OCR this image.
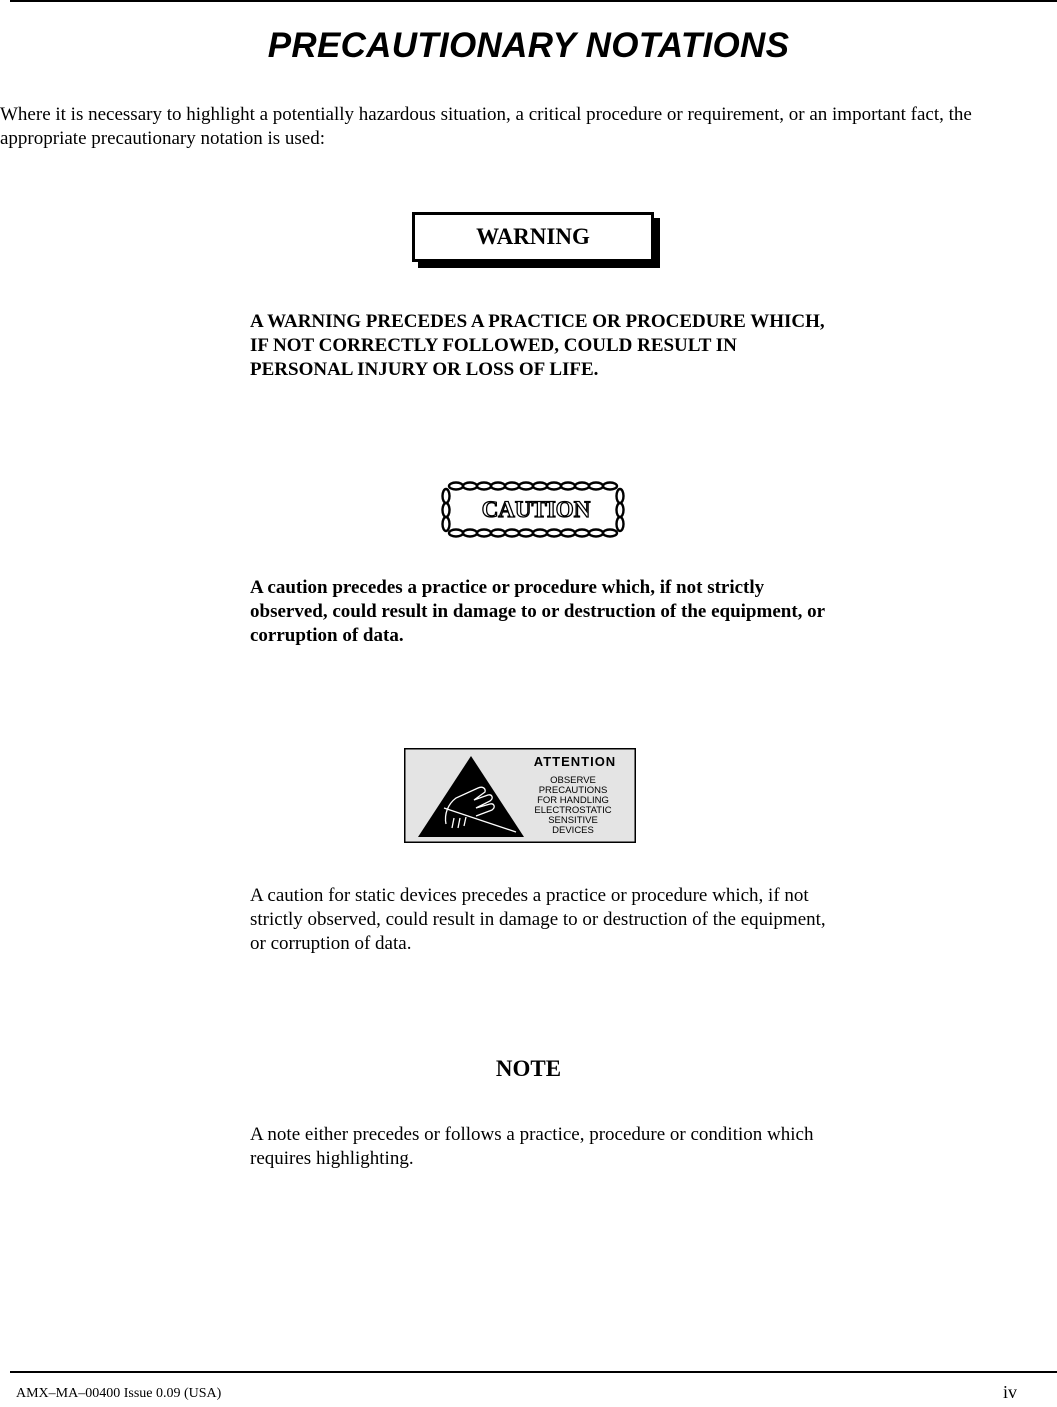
PRECAUTIONARY NOTATIONS
Where it is necessary to highlight a potentially hazardous situation, a critical procedure or requirement, or an important fact, the appropriate precautionary notation is used:
WARNING
A WARNING PRECEDES A PRACTICE OR PROCEDURE WHICH, IF NOT CORRECTLY FOLLOWED, COULD RESULT IN PERSONAL INJURY OR LOSS OF LIFE.
CAUTION
A caution precedes a practice or procedure which, if not strictly observed, could result in damage to or destruction of the equipment, or corruption of data.
ATTENTION
OBSERVE
PRECAUTIONS
FOR HANDLING
ELECTROSTATIC
SENSITIVE
DEVICES
A caution for static devices precedes a practice or procedure which, if not strictly observed, could result in damage to or destruction of the equipment, or corruption of data.
NOTE
A note either precedes or follows a practice, procedure or condition which requires highlighting.
AMX–MA–00400 Issue 0.09 (USA)	iv
